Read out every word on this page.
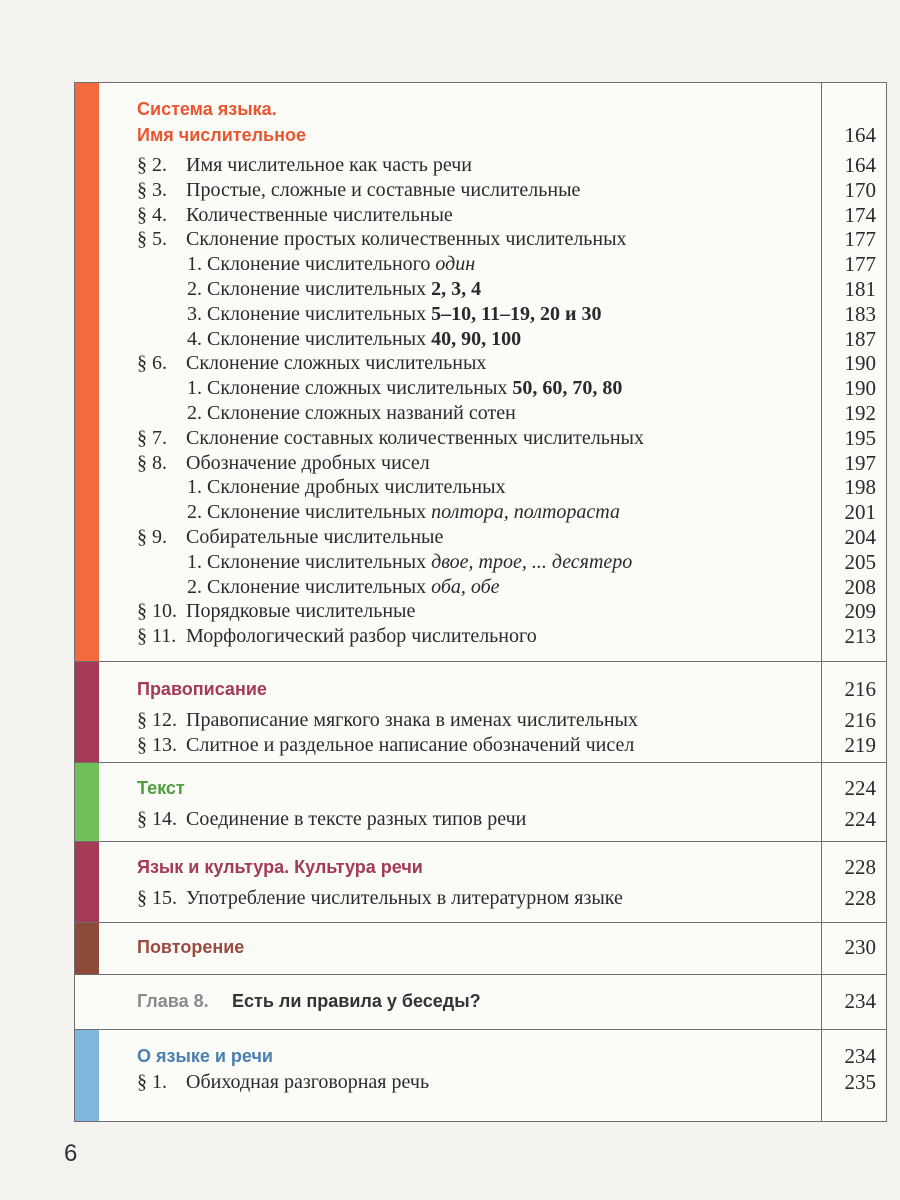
Система языка.
Имя числительное	164
§ 2. Имя числительное как часть речи	164
§ 3. Простые, сложные и составные числительные	170
§ 4. Количественные числительные	174
§ 5. Склонение простых количественных числительных	177
1. Склонение числительного один	177
2. Склонение числительных 2, 3, 4	181
3. Склонение числительных 5–10, 11–19, 20 и 30	183
4. Склонение числительных 40, 90, 100	187
§ 6. Склонение сложных числительных	190
1. Склонение сложных числительных 50, 60, 70, 80	190
2. Склонение сложных названий сотен	192
§ 7. Склонение составных количественных числительных	195
§ 8. Обозначение дробных чисел	197
1. Склонение дробных числительных	198
2. Склонение числительных полтора, полтораста	201
§ 9. Собирательные числительные	204
1. Склонение числительных двое, трое, ... десятеро	205
2. Склонение числительных оба, обе	208
§ 10. Порядковые числительные	209
§ 11. Морфологический разбор числительного	213
Правописание	216
§ 12. Правописание мягкого знака в именах числительных	216
§ 13. Слитное и раздельное написание обозначений чисел	219
Текст	224
§ 14. Соединение в тексте разных типов речи	224
Язык и культура. Культура речи	228
§ 15. Употребление числительных в литературном языке	228
Повторение	230
Глава 8. Есть ли правила у беседы?	234
О языке и речи	234
§ 1. Обиходная разговорная речь	235
6
